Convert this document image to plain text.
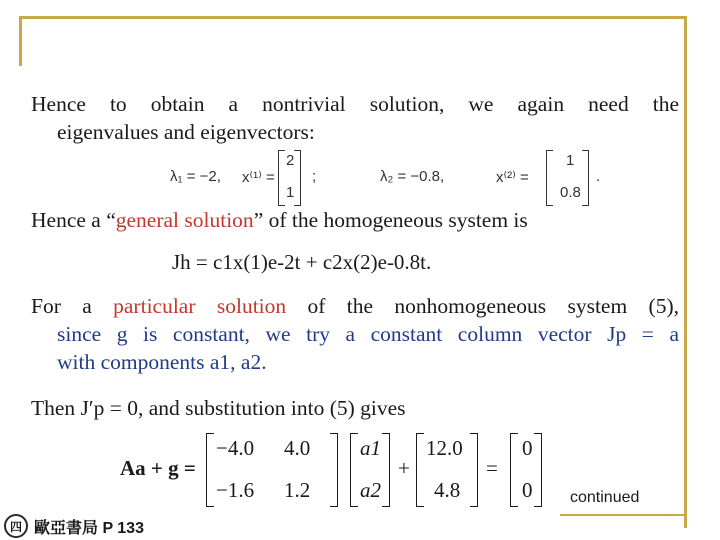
Hence to obtain a nontrivial solution, we again need the
eigenvalues and eigenvectors:
λ₁ = −2, x⁽¹⁾ =
2
1
;	λ₂ = −0.8,	x⁽²⁾ =
1
0.8
.
Hence a “general solution” of the homogeneous system is
Jh = c1x(1)e-2t + c2x(2)e-0.8t.
For a particular solution of the nonhomogeneous system (5),
since g is constant, we try a constant column vector Jp = a
with components a1, a2.
Then J′p = 0, and substitution into (5) gives
Aa + g =
−4.0 4.0
−1.6 1.2
a1
a2
+
12.0
4.8
=
0
0 continued
四 歐亞書局 P 133
